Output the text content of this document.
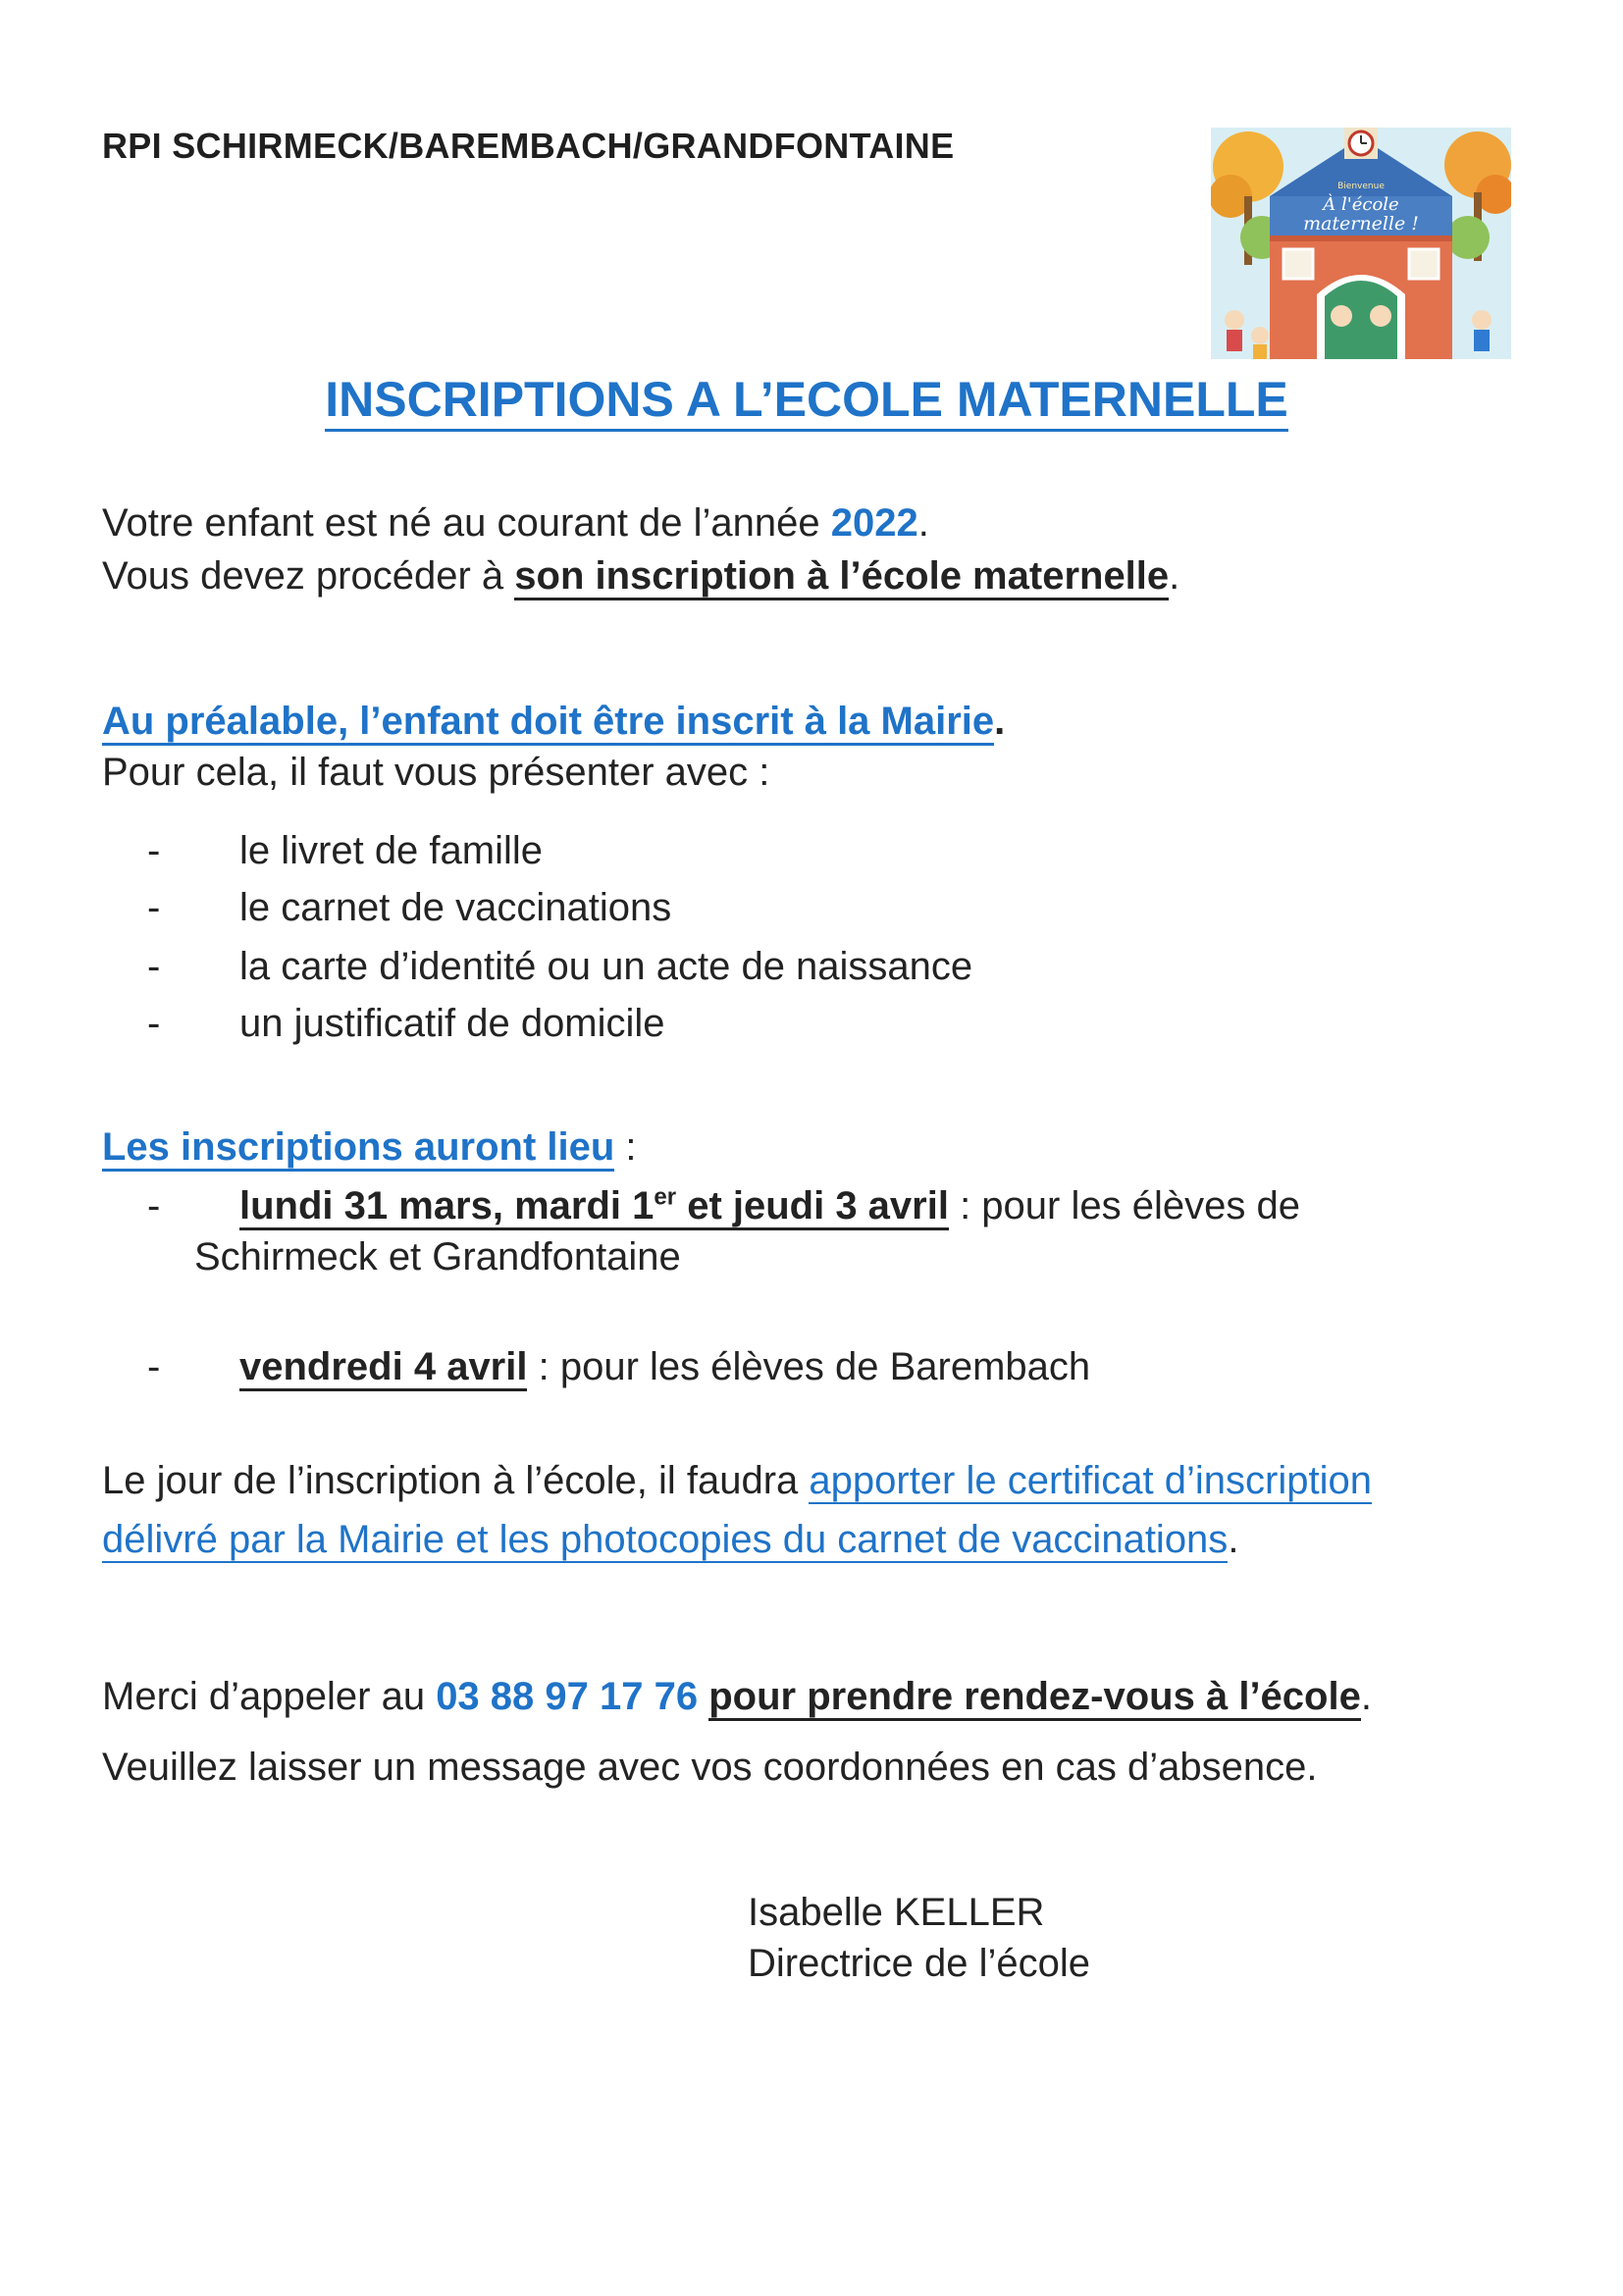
RPI SCHIRMECK/BAREMBACH/GRANDFONTAINE
Bienvenue
À l'école
maternelle !
INSCRIPTIONS A L’ECOLE MATERNELLE
Votre enfant est né au courant de l’année 2022.
Vous devez procéder à son inscription à l’école maternelle.
Au préalable, l’enfant doit être inscrit à la Mairie.
Pour cela, il faut vous présenter avec :
- le livret de famille
- le carnet de vaccinations
- la carte d’identité ou un acte de naissance
- un justificatif de domicile
Les inscriptions auront lieu :
- lundi 31 mars, mardi 1er et jeudi 3 avril : pour les élèves de
Schirmeck et Grandfontaine
- vendredi 4 avril : pour les élèves de Barembach
Le jour de l’inscription à l’école, il faudra apporter le certificat d’inscription
délivré par la Mairie et les photocopies du carnet de vaccinations.
Merci d’appeler au 03 88 97 17 76 pour prendre rendez-vous à l’école.
Veuillez laisser un message avec vos coordonnées en cas d’absence.
Isabelle KELLER
Directrice de l’école
